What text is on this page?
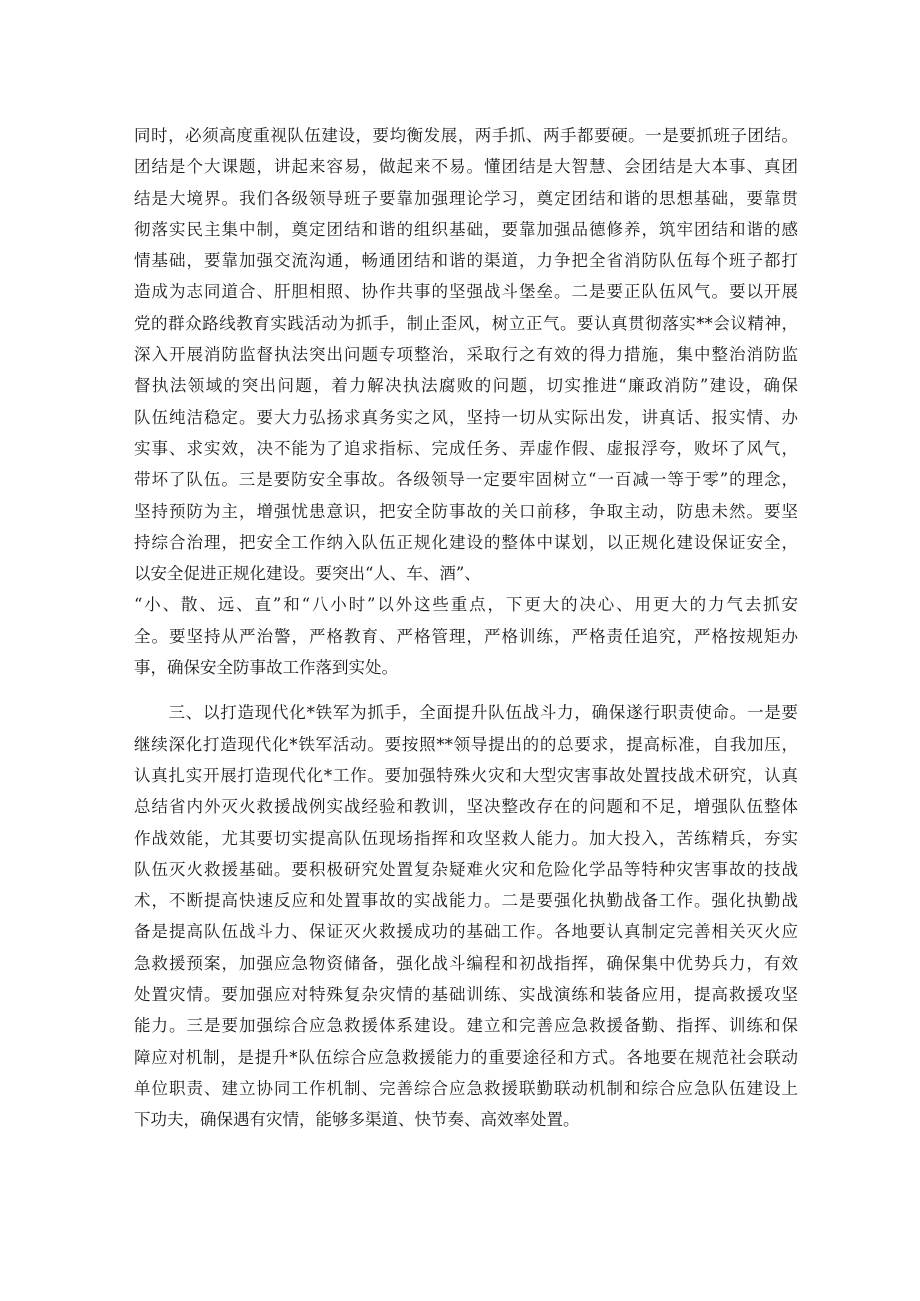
同时，必须高度重视队伍建设，要均衡发展，两手抓、两手都要硬。一是要抓班子团结。
团结是个大课题，讲起来容易，做起来不易。懂团结是大智慧、会团结是大本事、真团
结是大境界。我们各级领导班子要靠加强理论学习，奠定团结和谐的思想基础，要靠贯
彻落实民主集中制，奠定团结和谐的组织基础，要靠加强品德修养，筑牢团结和谐的感
情基础，要靠加强交流沟通，畅通团结和谐的渠道，力争把全省消防队伍每个班子都打
造成为志同道合、肝胆相照、协作共事的坚强战斗堡垒。二是要正队伍风气。要以开展
党的群众路线教育实践活动为抓手，制止歪风，树立正气。要认真贯彻落实**会议精神，
深入开展消防监督执法突出问题专项整治，采取行之有效的得力措施，集中整治消防监
督执法领域的突出问题，着力解决执法腐败的问题，切实推进“廉政消防”建设，确保
队伍纯洁稳定。要大力弘扬求真务实之风，坚持一切从实际出发，讲真话、报实情、办
实事、求实效，决不能为了追求指标、完成任务、弄虚作假、虚报浮夸，败坏了风气，
带坏了队伍。三是要防安全事故。各级领导一定要牢固树立“一百减一等于零”的理念，
坚持预防为主，增强忧患意识，把安全防事故的关口前移，争取主动，防患未然。要坚
持综合治理，把安全工作纳入队伍正规化建设的整体中谋划，以正规化建设保证安全，
以安全促进正规化建设。要突出“人、车、酒”、
“小、散、远、直”和“八小时”以外这些重点，下更大的决心、用更大的力气去抓安
全。要坚持从严治警，严格教育、严格管理，严格训练，严格责任追究，严格按规矩办
事，确保安全防事故工作落到实处。
　　三、以打造现代化*铁军为抓手，全面提升队伍战斗力，确保遂行职责使命。一是要
继续深化打造现代化*铁军活动。要按照**领导提出的的总要求，提高标准，自我加压，
认真扎实开展打造现代化*工作。要加强特殊火灾和大型灾害事故处置技战术研究，认真
总结省内外灭火救援战例实战经验和教训，坚决整改存在的问题和不足，增强队伍整体
作战效能，尤其要切实提高队伍现场指挥和攻坚救人能力。加大投入，苦练精兵，夯实
队伍灭火救援基础。要积极研究处置复杂疑难火灾和危险化学品等特种灾害事故的技战
术，不断提高快速反应和处置事故的实战能力。二是要强化执勤战备工作。强化执勤战
备是提高队伍战斗力、保证灭火救援成功的基础工作。各地要认真制定完善相关灭火应
急救援预案，加强应急物资储备，强化战斗编程和初战指挥，确保集中优势兵力，有效
处置灾情。要加强应对特殊复杂灾情的基础训练、实战演练和装备应用，提高救援攻坚
能力。三是要加强综合应急救援体系建设。建立和完善应急救援备勤、指挥、训练和保
障应对机制，是提升*队伍综合应急救援能力的重要途径和方式。各地要在规范社会联动
单位职责、建立协同工作机制、完善综合应急救援联勤联动机制和综合应急队伍建设上
下功夫，确保遇有灾情，能够多渠道、快节奏、高效率处置。
